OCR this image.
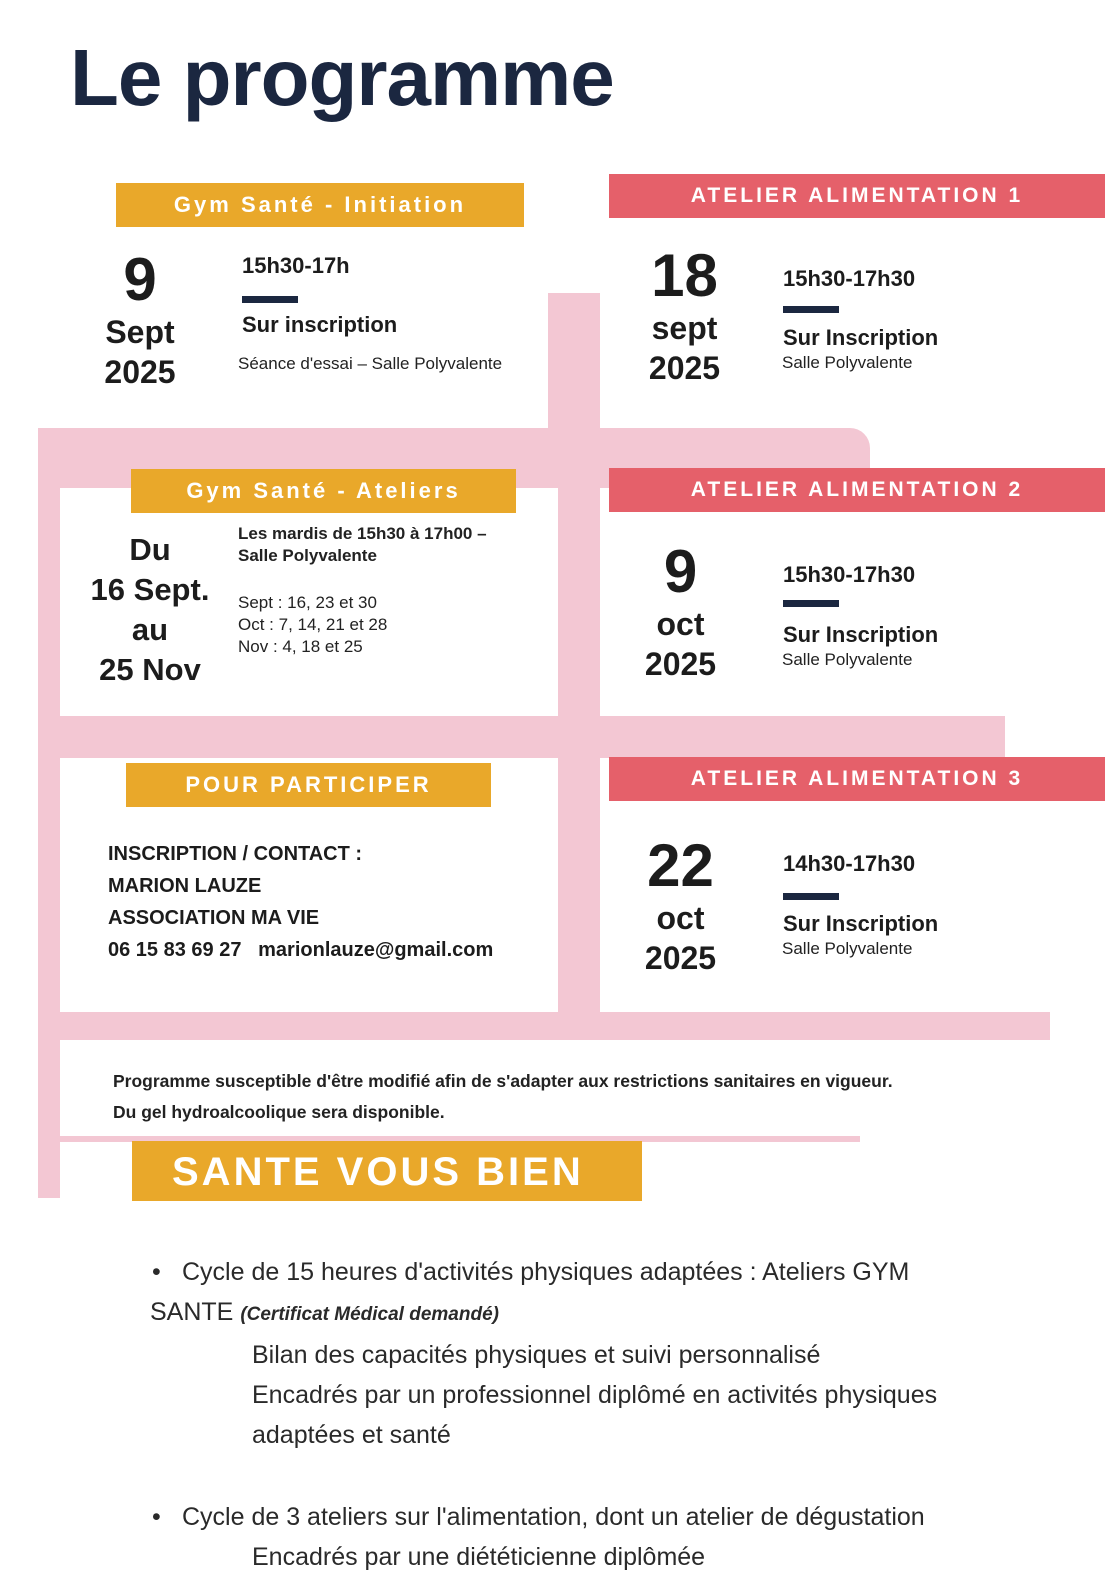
Le programme
Gym Santé - Initiation
9
Sept
2025
15h30-17h
Sur inscription
Séance d'essai – Salle Polyvalente
ATELIER ALIMENTATION 1
18
sept
2025
15h30-17h30
Sur Inscription
Salle Polyvalente
Gym Santé - Ateliers
Du
16 Sept.
au
25 Nov
Les mardis de 15h30 à 17h00 –
Salle Polyvalente
Sept : 16, 23 et 30
Oct : 7, 14, 21 et 28
Nov : 4, 18 et 25
ATELIER ALIMENTATION 2
9
oct
2025
15h30-17h30
Sur Inscription
Salle Polyvalente
POUR PARTICIPER
INSCRIPTION / CONTACT :
MARION LAUZE
ASSOCIATION MA VIE
06 15 83 69 27 marionlauze@gmail.com
ATELIER ALIMENTATION 3
22
oct
2025
14h30-17h30
Sur Inscription
Salle Polyvalente
Programme susceptible d'être modifié afin de s'adapter aux restrictions sanitaires en vigueur.
Du gel hydroalcoolique sera disponible.
SANTE VOUS BIEN
• Cycle de 15 heures d'activités physiques adaptées : Ateliers GYM
SANTE (Certificat Médical demandé)
Bilan des capacités physiques et suivi personnalisé
Encadrés par un professionnel diplômé en activités physiques
adaptées et santé
• Cycle de 3 ateliers sur l'alimentation, dont un atelier de dégustation
Encadrés par une diététicienne diplômée
